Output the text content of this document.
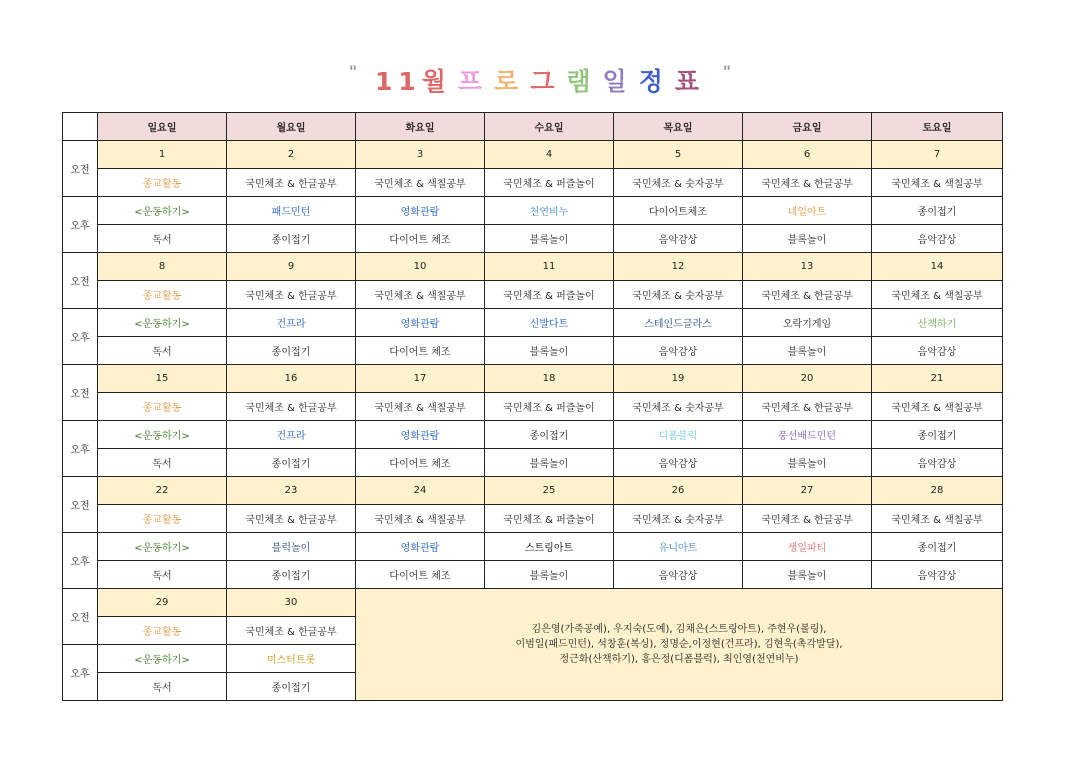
" 11월 프 로 그 램 일 정 표 "
	일요일	월요일	화요일	수요일	목요일	금요일	토요일
오전	1	2	3	4	5	6	7
	종교활동	국민체조 & 한글공부	국민체조 & 색칠공부	국민체조 & 퍼즐놀이	국민체조 & 숫자공부	국민체조 & 한글공부	국민체조 & 색칠공부
오후	<운동하기>	패드민턴	영화관람	천연비누	다이어트체조	네일아트	종이접기
	독서	종이접기	다이어트 체조	블록놀이	음악감상	블록놀이	음악감상
오전	8	9	10	11	12	13	14
	종교활동	국민체조 & 한글공부	국민체조 & 색칠공부	국민체조 & 퍼즐놀이	국민체조 & 숫자공부	국민체조 & 한글공부	국민체조 & 색칠공부
오후	<운동하기>	건프라	영화관람	신발다트	스테인드글라스	오락기게임	산책하기
	독서	종이접기	다이어트 체조	블록놀이	음악감상	블록놀이	음악감상
오전	15	16	17	18	19	20	21
	종교활동	국민체조 & 한글공부	국민체조 & 색칠공부	국민체조 & 퍼즐놀이	국민체조 & 숫자공부	국민체조 & 한글공부	국민체조 & 색칠공부
오후	<운동하기>	건프라	영화관람	종이접기	디폼블럭	풍선배드민턴	종이접기
	독서	종이접기	다이어트 체조	블록놀이	음악감상	블록놀이	음악감상
오전	22	23	24	25	26	27	28
	종교활동	국민체조 & 한글공부	국민체조 & 색칠공부	국민체조 & 퍼즐놀이	국민체조 & 숫자공부	국민체조 & 한글공부	국민체조 & 색칠공부
오후	<운동하기>	블럭놀이	영화관람	스트링아트	유니아트	생일파티	종이접기
	독서	종이접기	다이어트 체조	블록놀이	음악감상	블록놀이	음악감상
오전	29	30	김은영(가죽공예), 우지숙(도예), 김채은(스트링아트), 주현우(볼링),
이범일(패드민턴), 석창훈(복싱), 정명순,이정현(건프라), 김현욱(촉각발달),
정근화(산책하기), 홍은정(디폼블럭), 최인영(천연비누)				

	종교활동	국민체조 & 한글공부					
오후	<운동하기>	미스터트롯					
	독서	종이접기					
